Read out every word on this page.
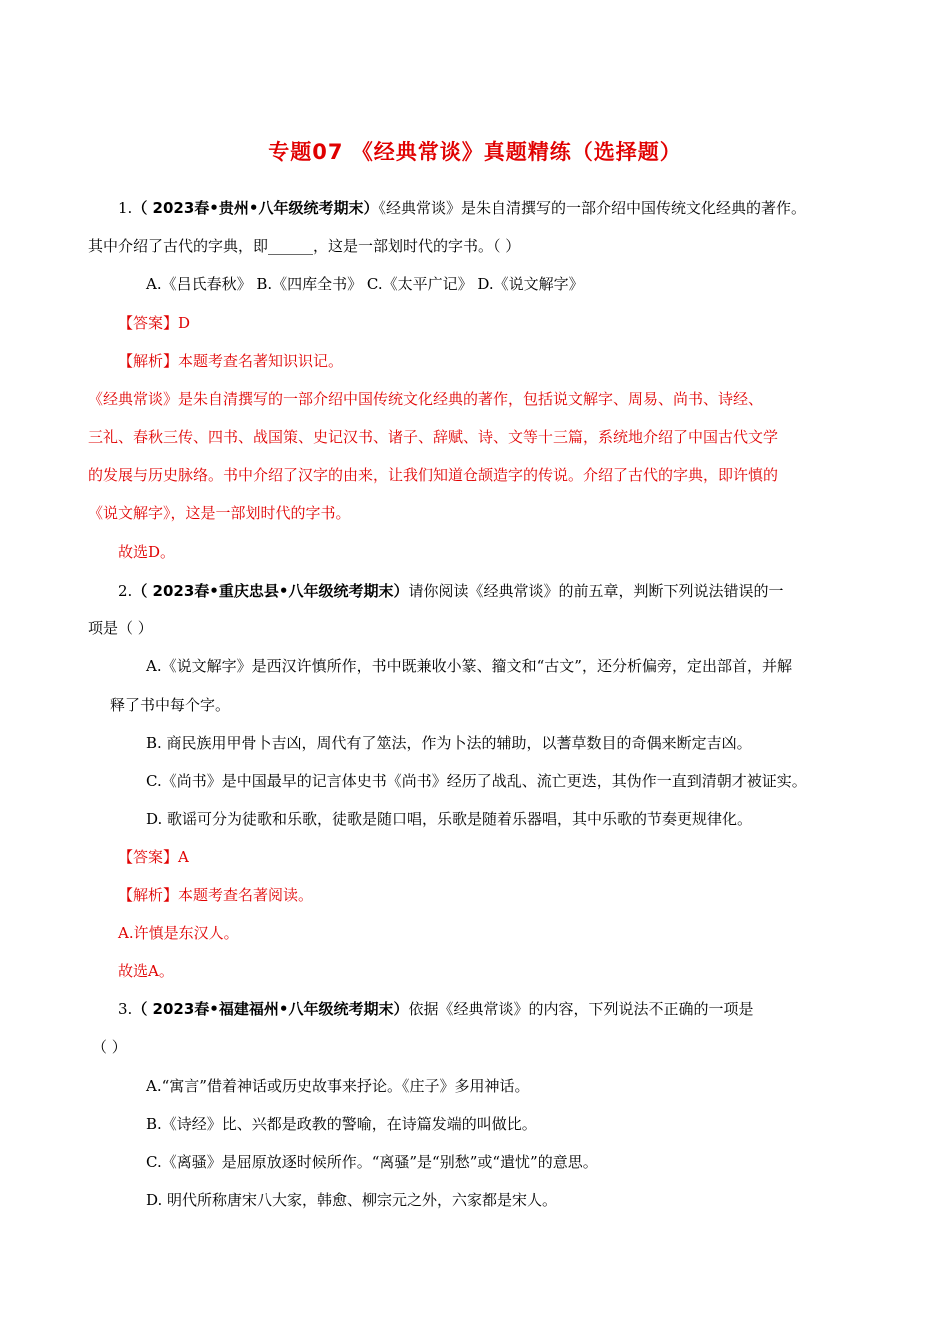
专题07 《经典常谈》真题精练（选择题）
1.（ 2023春•贵州•八年级统考期末）《经典常谈》是朱自清撰写的一部介绍中国传统文化经典的著作。
其中介绍了古代的字典，即______，这是一部划时代的字书。（ ）
A.《吕氏春秋》 B.《四库全书》 C.《太平广记》 D.《说文解字》
【答案】D
【解析】本题考查名著知识识记。
《经典常谈》是朱自清撰写的一部介绍中国传统文化经典的著作，包括说文解字、周易、尚书、诗经、
三礼、春秋三传、四书、战国策、史记汉书、诸子、辞赋、诗、文等十三篇，系统地介绍了中国古代文学
的发展与历史脉络。书中介绍了汉字的由来，让我们知道仓颉造字的传说。介绍了古代的字典，即许慎的
《说文解字》，这是一部划时代的字书。
故选D。
2.（ 2023春•重庆忠县•八年级统考期末）请你阅读《经典常谈》的前五章，判断下列说法错误的一
项是（ ）
A.《说文解字》是西汉许慎所作，书中既兼收小篆、籀文和“古文”，还分析偏旁，定出部首，并解
释了书中每个字。
B. 商民族用甲骨卜吉凶，周代有了筮法，作为卜法的辅助，以蓍草数目的奇偶来断定吉凶。
C.《尚书》是中国最早的记言体史书《尚书》经历了战乱、流亡更迭，其伪作一直到清朝才被证实。
D. 歌谣可分为徒歌和乐歌，徒歌是随口唱，乐歌是随着乐器唱，其中乐歌的节奏更规律化。
【答案】A
【解析】本题考查名著阅读。
A.许慎是东汉人。
故选A。
3.（ 2023春•福建福州•八年级统考期末）依据《经典常谈》的内容，下列说法不正确的一项是
（ ）
A.“寓言”借着神话或历史故事来抒论。《庄子》多用神话。
B.《诗经》比、兴都是政教的警喻，在诗篇发端的叫做比。
C.《离骚》是屈原放逐时候所作。“离骚”是“别愁”或“遣忧”的意思。
D. 明代所称唐宋八大家，韩愈、柳宗元之外，六家都是宋人。
